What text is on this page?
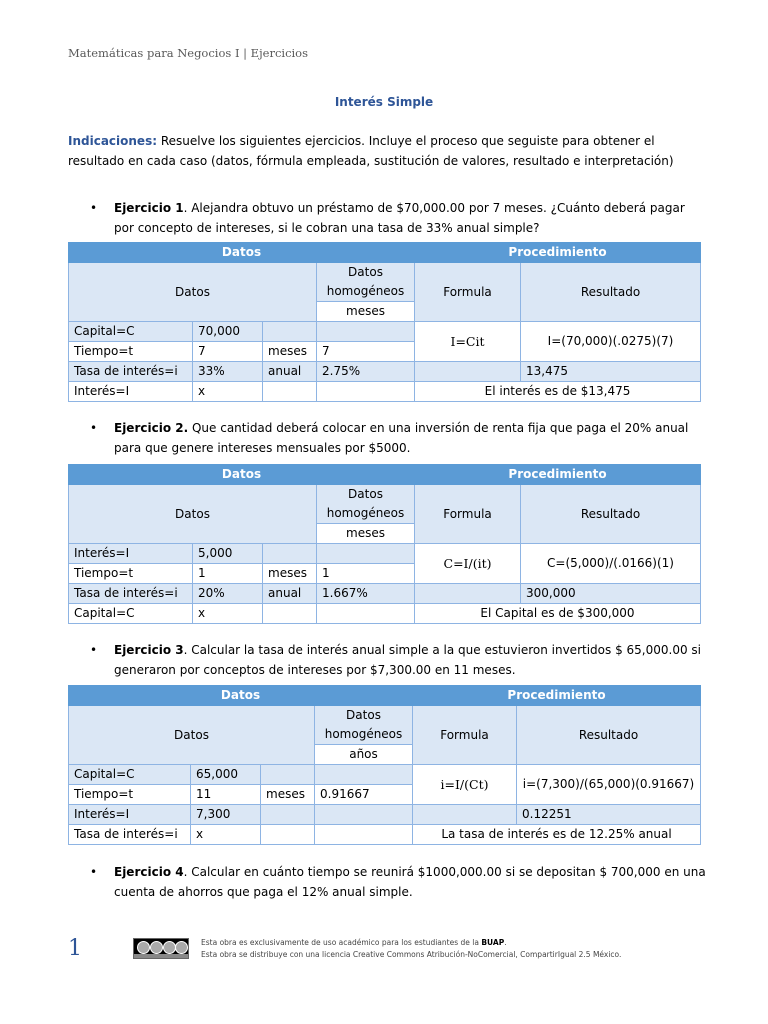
Matemáticas para Negocios I | Ejercicios
Interés Simple
Indicaciones: Resuelve los siguientes ejercicios. Incluye el proceso que seguiste para obtener el resultado en cada caso (datos, fórmula empleada, sustitución de valores, resultado e interpretación)
•	Ejercicio 1. Alejandra obtuvo un préstamo de $70,000.00 por 7 meses. ¿Cuánto deberá pagar por concepto de intereses, si le cobran una tasa de 33% anual simple?
Datos				Procedimiento	
Datos			Datos homogéneos	Formula	Resultado
			meses		
Capital=C	70,000			I=Cit	I=(70,000)(.0275)(7)
Tiempo=t	7	meses	7		
Tasa de interés=i	33%	anual	2.75%		13,475
Interés=I	x			El interés es de $13,475	
•	Ejercicio 2. Que cantidad deberá colocar en una inversión de renta fija que paga el 20% anual para que genere intereses mensuales por $5000.
Datos				Procedimiento	
Datos			Datos homogéneos	Formula	Resultado
			meses		
Interés=I	5,000			C=I/(it)	C=(5,000)/(.0166)(1)
Tiempo=t	1	meses	1		
Tasa de interés=i	20%	anual	1.667%		300,000
Capital=C	x			El Capital es de $300,000	
•	Ejercicio 3. Calcular la tasa de interés anual simple a la que estuvieron invertidos $ 65,000.00 si generaron por conceptos de intereses por $7,300.00 en 11 meses.
Datos				Procedimiento	
Datos			Datos homogéneos	Formula	Resultado
			años		
Capital=C	65,000			i=I/(Ct)	i=(7,300)/(65,000)(0.91667)
Tiempo=t	11	meses	0.91667		
Interés=I	7,300				0.12251
Tasa de interés=i	x			La tasa de interés es de 12.25% anual	
•	Ejercicio 4. Calcular en cuánto tiempo se reunirá $1000,000.00 si se depositan $ 700,000 en una cuenta de ahorros que paga el 12% anual simple.
1	Esta obra es exclusivamente de uso académico para los estudiantes de la BUAP.
Esta obra se distribuye con una licencia Creative Commons Atribución-NoComercial, CompartirIgual 2.5 México.
